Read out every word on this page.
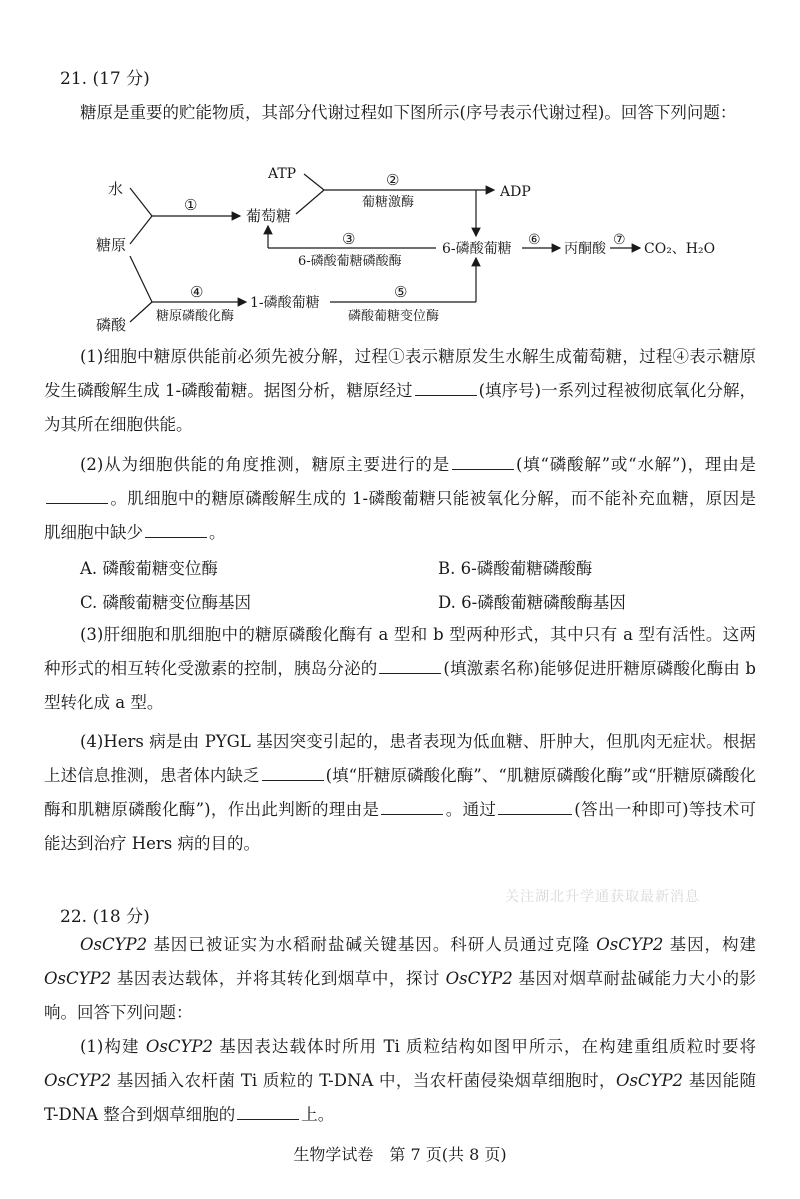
21. (17 分)
糖原是重要的贮能物质，其部分代谢过程如下图所示(序号表示代谢过程)。回答下列问题：
水
糖原
磷酸
①
葡萄糖
ATP	②
葡糖激酶
ADP
③
6-磷酸葡糖磷酸酶
6-磷酸葡糖
⑥
丙酮酸
⑦
CO₂、H₂O
④
糖原磷酸化酶
1-磷酸葡糖
⑤
磷酸葡糖变位酶
(1)细胞中糖原供能前必须先被分解，过程①表示糖原发生水解生成葡萄糖，过程④表示糖原发生磷酸解生成 1-磷酸葡糖。据图分析，糖原经过	(填序号)一系列过程被彻底氧化分解，为其所在细胞供能。
(2)从为细胞供能的角度推测，糖原主要进行的是	(填“磷酸解”或“水解”)，理由是。肌细胞中的糖原磷酸解生成的 1-磷酸葡糖只能被氧化分解，而不能补充血糖，原因是肌细胞中缺少	。
A. 磷酸葡糖变位酶	B. 6-磷酸葡糖磷酸酶
C. 磷酸葡糖变位酶基因	D. 6-磷酸葡糖磷酸酶基因
(3)肝细胞和肌细胞中的糖原磷酸化酶有 a 型和 b 型两种形式，其中只有 a 型有活性。这两种形式的相互转化受激素的控制，胰岛分泌的	(填激素名称)能够促进肝糖原磷酸化酶由 b 型转化成 a 型。
(4)Hers 病是由 PYGL 基因突变引起的，患者表现为低血糖、肝肿大，但肌肉无症状。根据上述信息推测，患者体内缺乏	(填“肝糖原磷酸化酶”、“肌糖原磷酸化酶”或“肝糖原磷酸化酶和肌糖原磷酸化酶”)，作出此判断的理由是	。通过	(答出一种即可)等技术可能达到治疗 Hers 病的目的。
关注湖北升学通获取最新消息
22. (18 分)
OsCYP2 基因已被证实为水稻耐盐碱关键基因。科研人员通过克隆 OsCYP2 基因，构建 OsCYP2 基因表达载体，并将其转化到烟草中，探讨 OsCYP2 基因对烟草耐盐碱能力大小的影响。回答下列问题：
(1)构建 OsCYP2 基因表达载体时所用 Ti 质粒结构如图甲所示，在构建重组质粒时要将 OsCYP2 基因插入农杆菌 Ti 质粒的 T-DNA 中，当农杆菌侵染烟草细胞时，OsCYP2 基因能随 T-DNA 整合到烟草细胞的	上。
生物学试卷　第 7 页(共 8 页)
